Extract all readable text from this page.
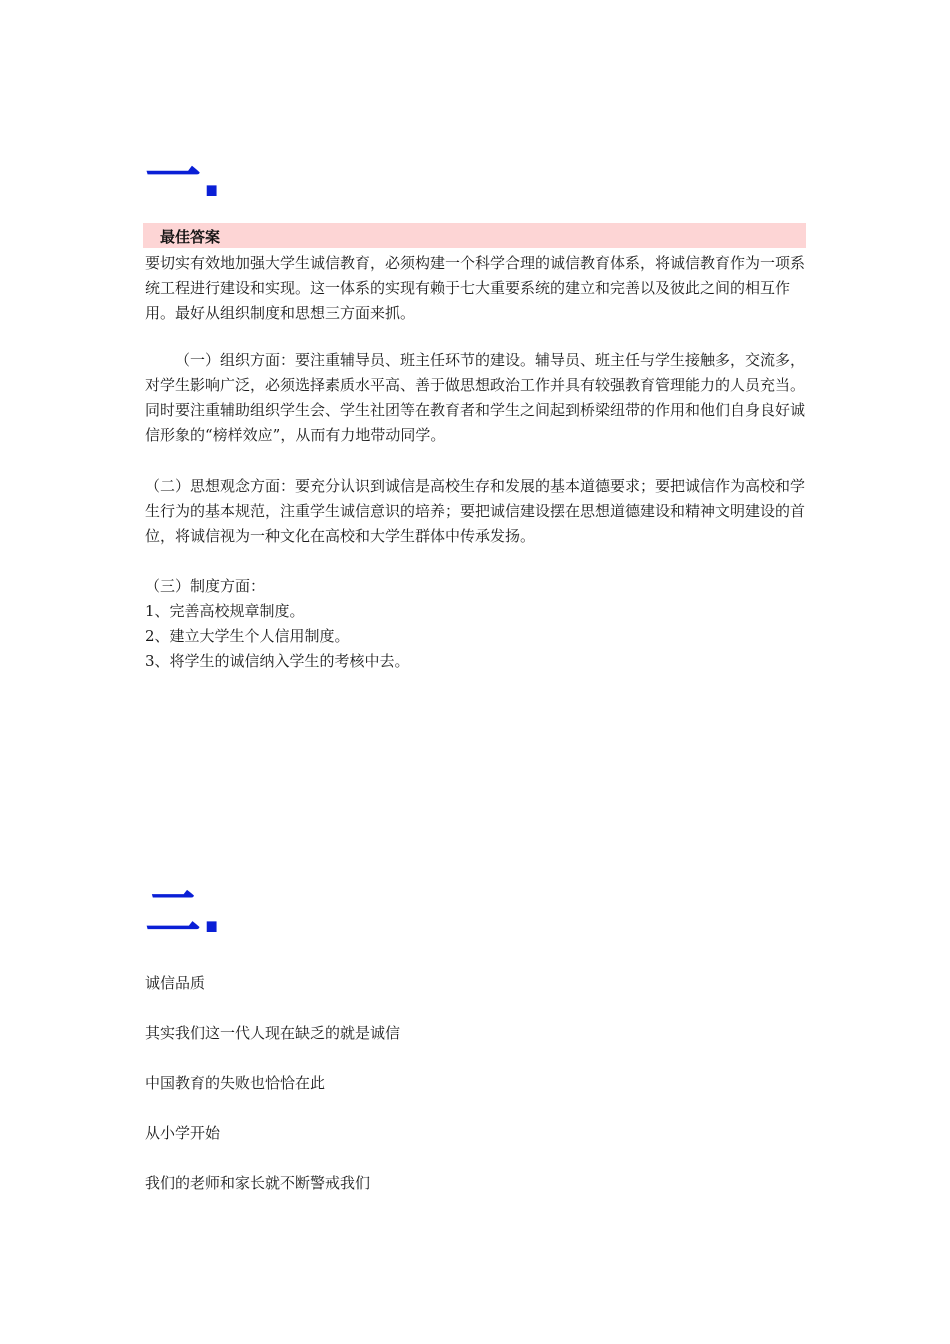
一.
最佳答案

要切实有效地加强大学生诚信教育，必须构建一个科学合理的诚信教育体系，将诚信教育作为一项系统工程进行建设和实现。这一体系的实现有赖于七大重要系统的建立和完善以及彼此之间的相互作用。最好从组织制度和思想三方面来抓。

（一）组织方面：要注重辅导员、班主任环节的建设。辅导员、班主任与学生接触多，交流多，对学生影响广泛，必须选择素质水平高、善于做思想政治工作并具有较强教育管理能力的人员充当。同时要注重辅助组织学生会、学生社团等在教育者和学生之间起到桥梁纽带的作用和他们自身良好诚信形象的“榜样效应”，从而有力地带动同学。

（二）思想观念方面：要充分认识到诚信是高校生存和发展的基本道德要求；要把诚信作为高校和学生行为的基本规范，注重学生诚信意识的培养；要把诚信建设摆在思想道德建设和精神文明建设的首位，将诚信视为一种文化在高校和大学生群体中传承发扬。

（三）制度方面：
1、完善高校规章制度。
2、建立大学生个人信用制度。
3、将学生的诚信纳入学生的考核中去。
二.

诚信品质

其实我们这一代人现在缺乏的就是诚信

中国教育的失败也恰恰在此

从小学开始

我们的老师和家长就不断警戒我们
